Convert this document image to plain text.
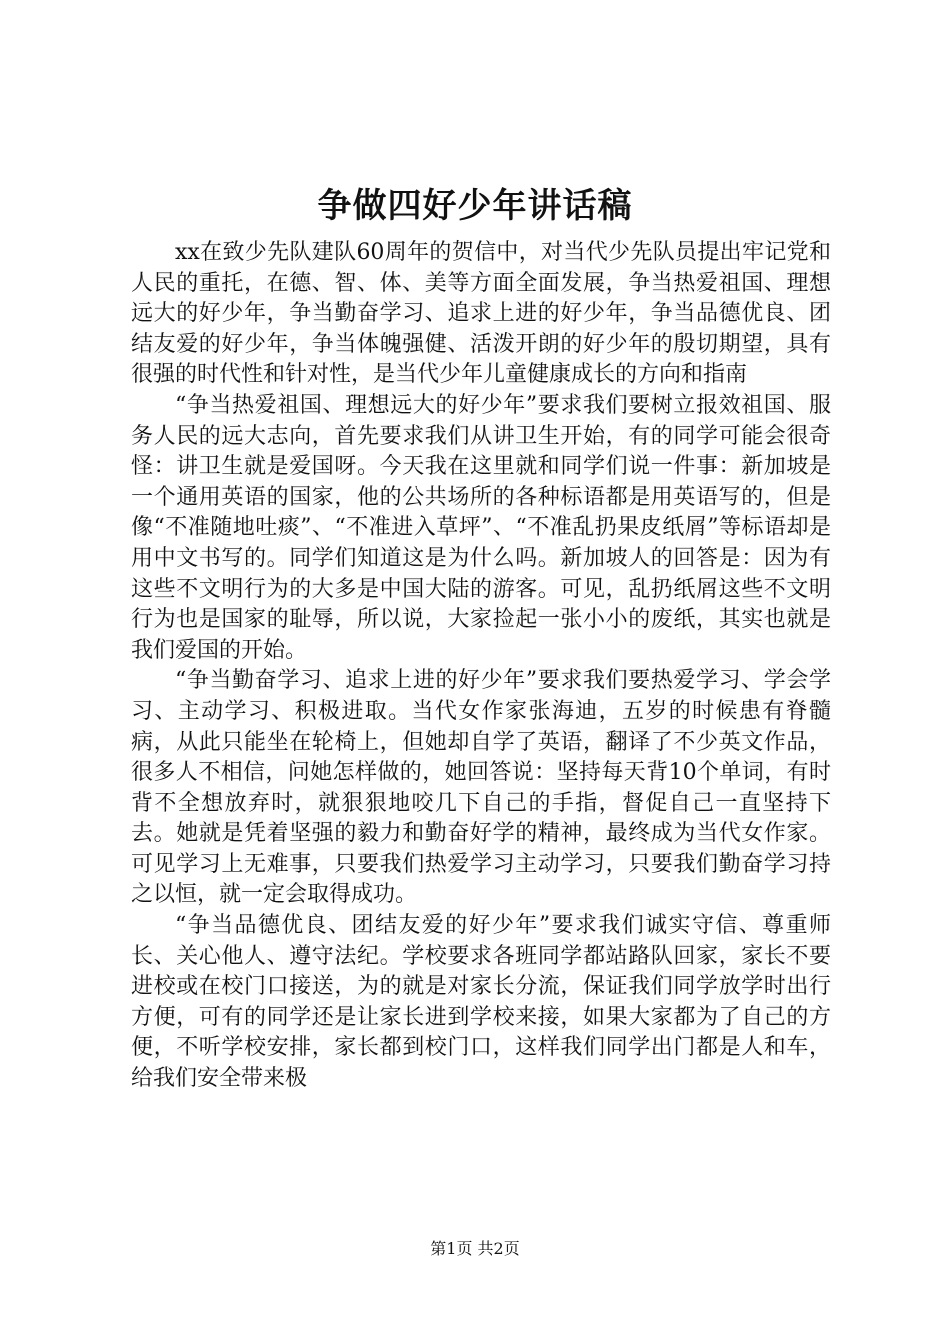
争做四好少年讲话稿

xx在致少先队建队60周年的贺信中，对当代少先队员提出牢记党和人民的重托，在德、智、体、美等方面全面发展，争当热爱祖国、理想远大的好少年，争当勤奋学习、追求上进的好少年，争当品德优良、团结友爱的好少年，争当体魄强健、活泼开朗的好少年的殷切期望，具有很强的时代性和针对性，是当代少年儿童健康成长的方向和指南

“争当热爱祖国、理想远大的好少年”要求我们要树立报效祖国、服务人民的远大志向，首先要求我们从讲卫生开始，有的同学可能会很奇怪：讲卫生就是爱国呀。今天我在这里就和同学们说一件事：新加坡是一个通用英语的国家，他的公共场所的各种标语都是用英语写的，但是像“不准随地吐痰”、“不准进入草坪”、“不准乱扔果皮纸屑”等标语却是用中文书写的。同学们知道这是为什么吗。新加坡人的回答是：因为有这些不文明行为的大多是中国大陆的游客。可见，乱扔纸屑这些不文明行为也是国家的耻辱，所以说，大家捡起一张小小的废纸，其实也就是我们爱国的开始。

“争当勤奋学习、追求上进的好少年”要求我们要热爱学习、学会学习、主动学习、积极进取。当代女作家张海迪，五岁的时候患有脊髓病，从此只能坐在轮椅上，但她却自学了英语，翻译了不少英文作品，很多人不相信，问她怎样做的，她回答说：坚持每天背10个单词，有时背不全想放弃时，就狠狠地咬几下自己的手指，督促自己一直坚持下去。她就是凭着坚强的毅力和勤奋好学的精神，最终成为当代女作家。可见学习上无难事，只要我们热爱学习主动学习，只要我们勤奋学习持之以恒，就一定会取得成功。

“争当品德优良、团结友爱的好少年”要求我们诚实守信、尊重师长、关心他人、遵守法纪。学校要求各班同学都站路队回家，家长不要进校或在校门口接送，为的就是对家长分流，保证我们同学放学时出行方便，可有的同学还是让家长进到学校来接，如果大家都为了自己的方便，不听学校安排，家长都到校门口，这样我们同学出门都是人和车，给我们安全带来极

第1页 共2页
